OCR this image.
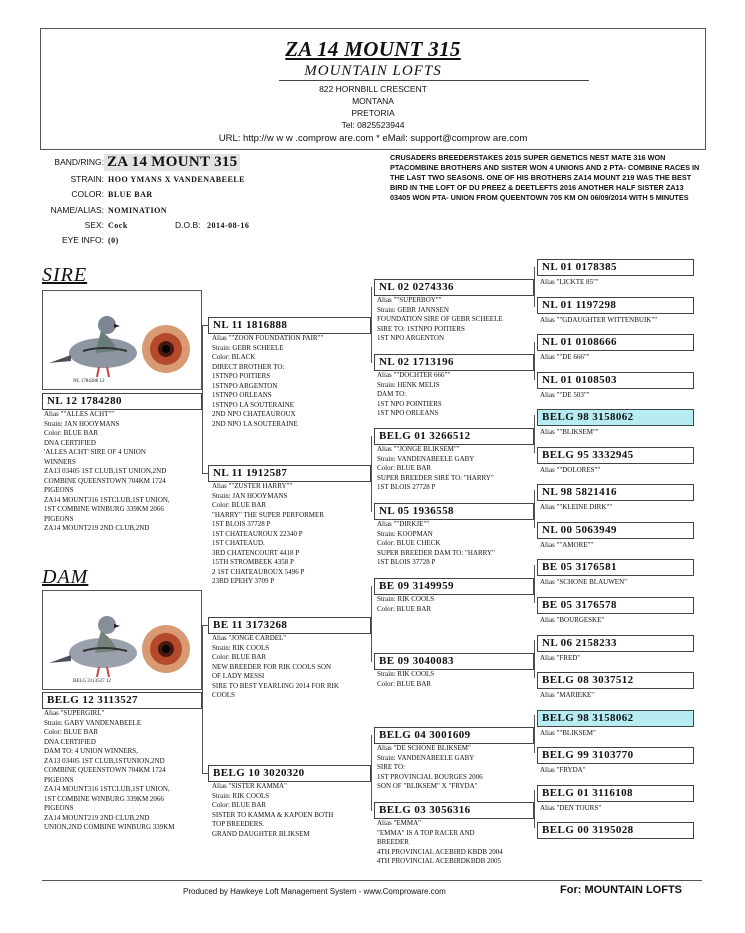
ZA 14 MOUNT 315
MOUNTAIN LOFTS
822 HORNBILL CRESCENT
MONTANA
PRETORIA
Tel: 0825523944
URL: http://w w w .comprow are.com * eMail: support@comprow are.com
BAND/RING: ZA 14 MOUNT 315
STRAIN: HOO YMANS X VANDENABEELE
COLOR: BLUE BAR
NAME/ALIAS: NOMINATION
SEX: Cock	D.O.B: 2014-08-16
EYE INFO: (0)
CRUSADERS BREEDERSTAKES 2015 SUPER GENETICS NEST MATE 316 WON PTACOMBINE BROTHERS AND SISTER WON 4 UNIONS AND 2 PTA- COMBINE RACES IN THE LAST TWO SEASONS. ONE OF HIS BROTHERS ZA14 MOUNT 219 WAS THE BEST BIRD IN THE LOFT OF DU PREEZ & DEETLEFTS 2016 ANOTHER HALF SISTER ZA13 03405 WON PTA- UNION FROM QUEENTOWN 705 KM ON 06/09/2014 WITH 5 MINUTES
SIRE
NL 1784280 12
NL 12 1784280
Alias ""ALLES ACHT""
Strain: JAN HOOYMANS
Color: BLUE BAR
DNA CERTIFIED
'ALLES ACHT' SIRE OF 4 UNION
WINNERS
ZA13 03405 1ST CLUB,1ST UNION,2ND
COMBINE QUEENSTOWN 704KM 1724
PIGEONS
ZA14 MOUNT316 1STCLUB,1ST UNION,
1ST COMBINE WINBURG 339KM 2066
PIGEONS
ZA14 MOUNT219 2ND CLUB,2ND
DAM
BELG 3113527 12
BELG 12 3113527
Alias "SUPERGIRL"
Strain: GABY VANDENABEELE
Color: BLUE BAR
DNA CERTIFIED
DAM TO: 4 UNION WINNERS,
ZA13 03405 1ST CLUB,1STUNION,2ND
COMBINE QUEENSTOWN 704KM 1724
PIGEONS
ZA14 MOUNT316 1STCLUB,1ST UNION,
1ST COMBINE WINBURG 339KM 2066
PIGEONS
ZA14 MOUNT219 2ND CLUB,2ND
UNION,2ND COMBINE WINBURG 339KM
NL 11 1816888
Alias ""ZOON FOUNDATION PAIR""
Strain: GEBR SCHEELE
Color: BLACK
DIRECT BROTHER TO:
1STNPO POITIERS
1STNPO ARGENTON
1STNPO ORLEANS
1STNPO LA SOUTERAINE
2ND NPO CHATEAUROUX
2ND NPO LA SOUTERAINE
NL 11 1912587
Alias ""ZUSTER HARRY""
Strain: JAN HOOYMANS
Color: BLUE BAR
"HARRY" THE SUPER PERFORMER
1ST BLOIS 37728 P
1ST CHATEAUROUX 22340 P
1ST CHATEAUD.
3RD CHATENCOURT 4418 P
15TH STROMBEEK 4358 P
2 1ST CHATEAUROUX 5496 P
23RD EPEHY 3709 P
BE 11 3173268
Alias "JONGE CARDEL"
Strain: RIK COOLS
Color: BLUE BAR
NEW BREEDER FOR RIK COOLS SON
OF LADY MESSI
SIRE TO BEST YEARLING 2014 FOR RIK
COOLS
BELG 10 3020320
Alias "SISTER KAMMA"
Strain: RIK COOLS
Color: BLUE BAR
SISTER TO KAMMA & KAPOEN BOTH
TOP BREEDERS.
GRAND DAUGHTER BLIKSEM
NL 02 0274336
Alias ""SUPERBOY""
Strain: GEBR JANNSEN
FOUNDATION SIRE OF GEBR SCHEELE
SIRE TO: 1STNPO POITIERS
1ST NPO ARGENTON
NL 02 1713196
Alias ""DOCHTER 666""
Strain: HENK MELIS
DAM TO:
1ST NPO POINTIERS
1ST NPO ORLEANS
BELG 01 3266512
Alias ""JONGE BLIKSEM""
Strain: VANDENABEELE GABY
Color: BLUE BAR
SUPER BREEDER SIRE TO: "HARRY"
1ST BLOIS 27728 P
NL 05 1936558
Alias ""DIRKJE""
Strain: KOOPMAN
Color: BLUE CHECK
SUPER BREEDER DAM TO: "HARRY"
1ST BLOIS 37728 P
BE 09 3149959
Strain: RIK COOLS
Color: BLUE BAR
BE 09 3040083
Strain: RIK COOLS
Color: BLUE BAR
BELG 04 3001609
Alias "DE SCHONE BLIKSEM"
Strain: VANDENABEELE GABY
SIRE TO:
1ST PROVINCIAL BOURGES 2006
SON OF "BLIKSEM" X "FRYDA"
BELG 03 3056316
Alias "EMMA"
"EMMA" IS A TOP RACER AND
BREEDER
4TH PROVINCIAL ACEBIRD KBDB 2004
4TH PROVINCIAL ACEBIRDKBDB 2005
NL 01 0178385
Alias "LICKTE 85""
NL 01 1197298
Alias ""GDAUGHTER WITTENBUIK""
NL 01 0108666
Alias ""DE 666""
NL 01 0108503
Alias ""DE 503""
BELG 98 3158062
Alias ""BLIKSEM""
BELG 95 3332945
Alias ""DOLORES""
NL 98 5821416
Alias ""KLEINE DIRK""
NL 00 5063949
Alias ""AMORE""
BE 05 3176581
Alias "SCHONE BLAUWEN"
BE 05 3176578
Alias "BOURGESKE"
NL 06 2158233
Alias "FRED"
BELG 08 3037512
Alias "MARIEKE"
BELG 98 3158062
Alias ""BLIKSEM"
BELG 99 3103770
Alias "FRYDA"
BELG 01 3116108
Alias "DEN TOURS"
BELG 00 3195028
Produced by Hawkeye Loft Management System - www.Comproware.com	For: MOUNTAIN LOFTS
